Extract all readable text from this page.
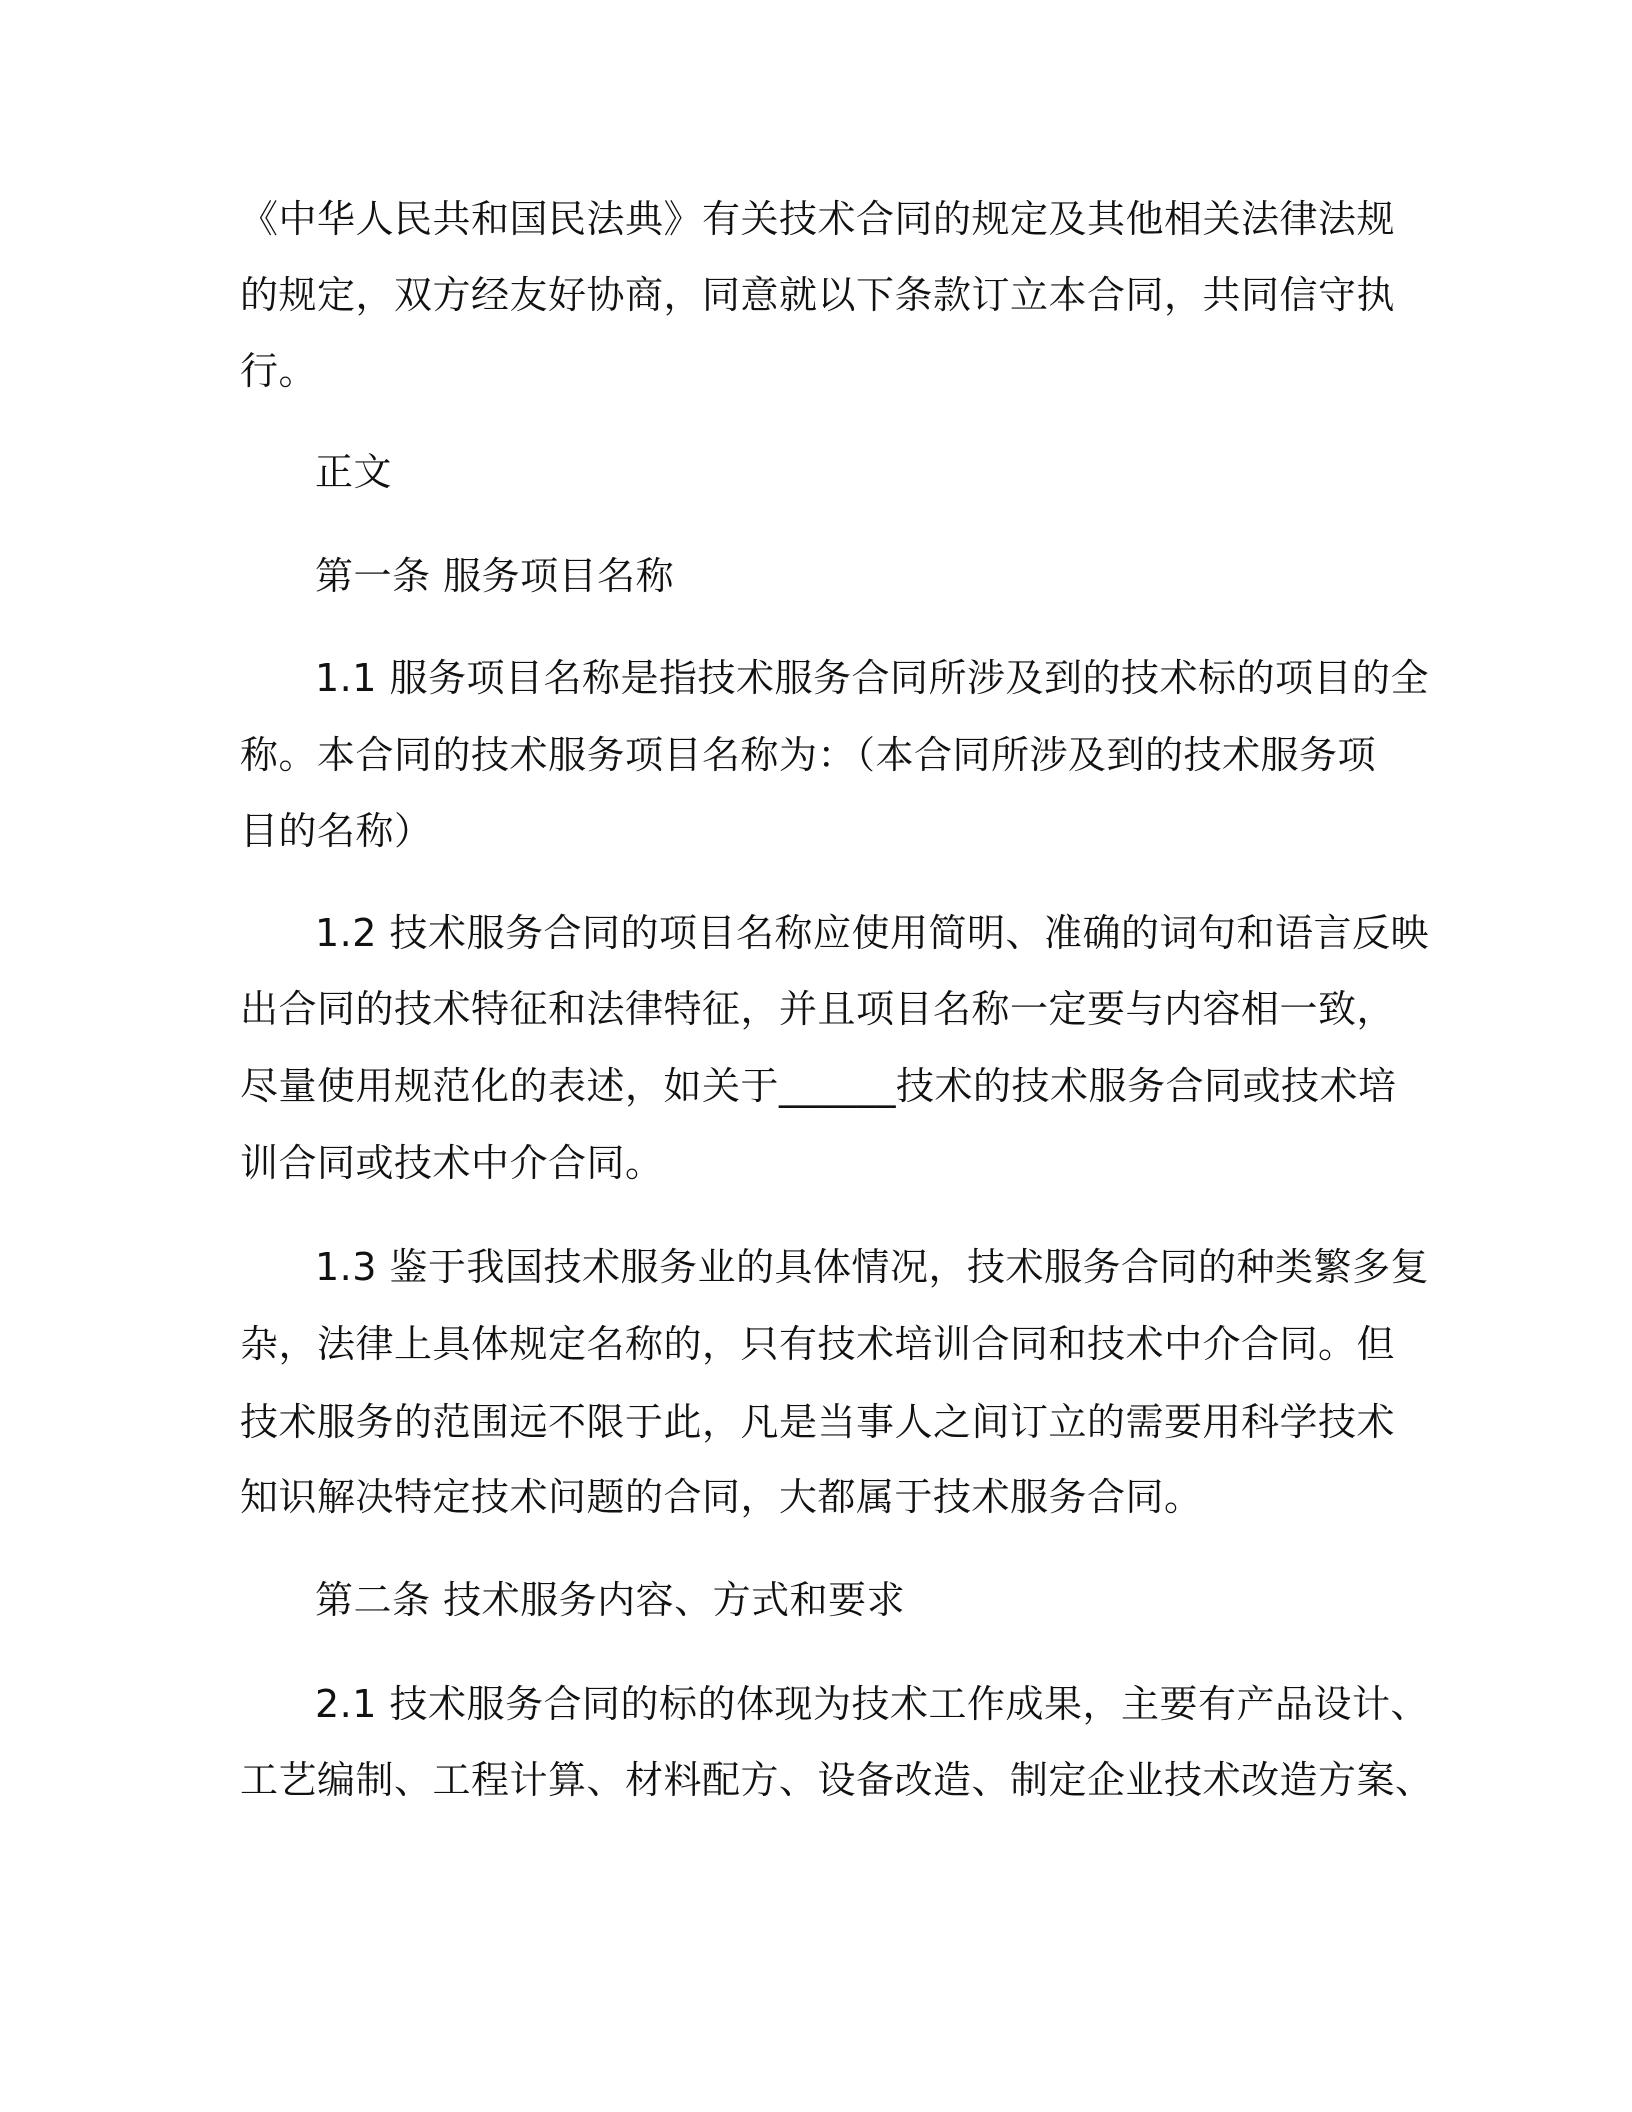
《中华人民共和国民法典》有关技术合同的规定及其他相关法律法规
的规定，双方经友好协商，同意就以下条款订立本合同，共同信守执
行。
正文
第一条 服务项目名称
1.1 服务项目名称是指技术服务合同所涉及到的技术标的项目的全
称。本合同的技术服务项目名称为：（本合同所涉及到的技术服务项
目的名称）
1.2 技术服务合同的项目名称应使用简明、准确的词句和语言反映
出合同的技术特征和法律特征，并且项目名称一定要与内容相一致，
尽量使用规范化的表述，如关于______技术的技术服务合同或技术培
训合同或技术中介合同。
1.3 鉴于我国技术服务业的具体情况，技术服务合同的种类繁多复
杂，法律上具体规定名称的，只有技术培训合同和技术中介合同。但
技术服务的范围远不限于此，凡是当事人之间订立的需要用科学技术
知识解决特定技术问题的合同，大都属于技术服务合同。
第二条 技术服务内容、方式和要求
2.1 技术服务合同的标的体现为技术工作成果，主要有产品设计、
工艺编制、工程计算、材料配方、设备改造、制定企业技术改造方案、
